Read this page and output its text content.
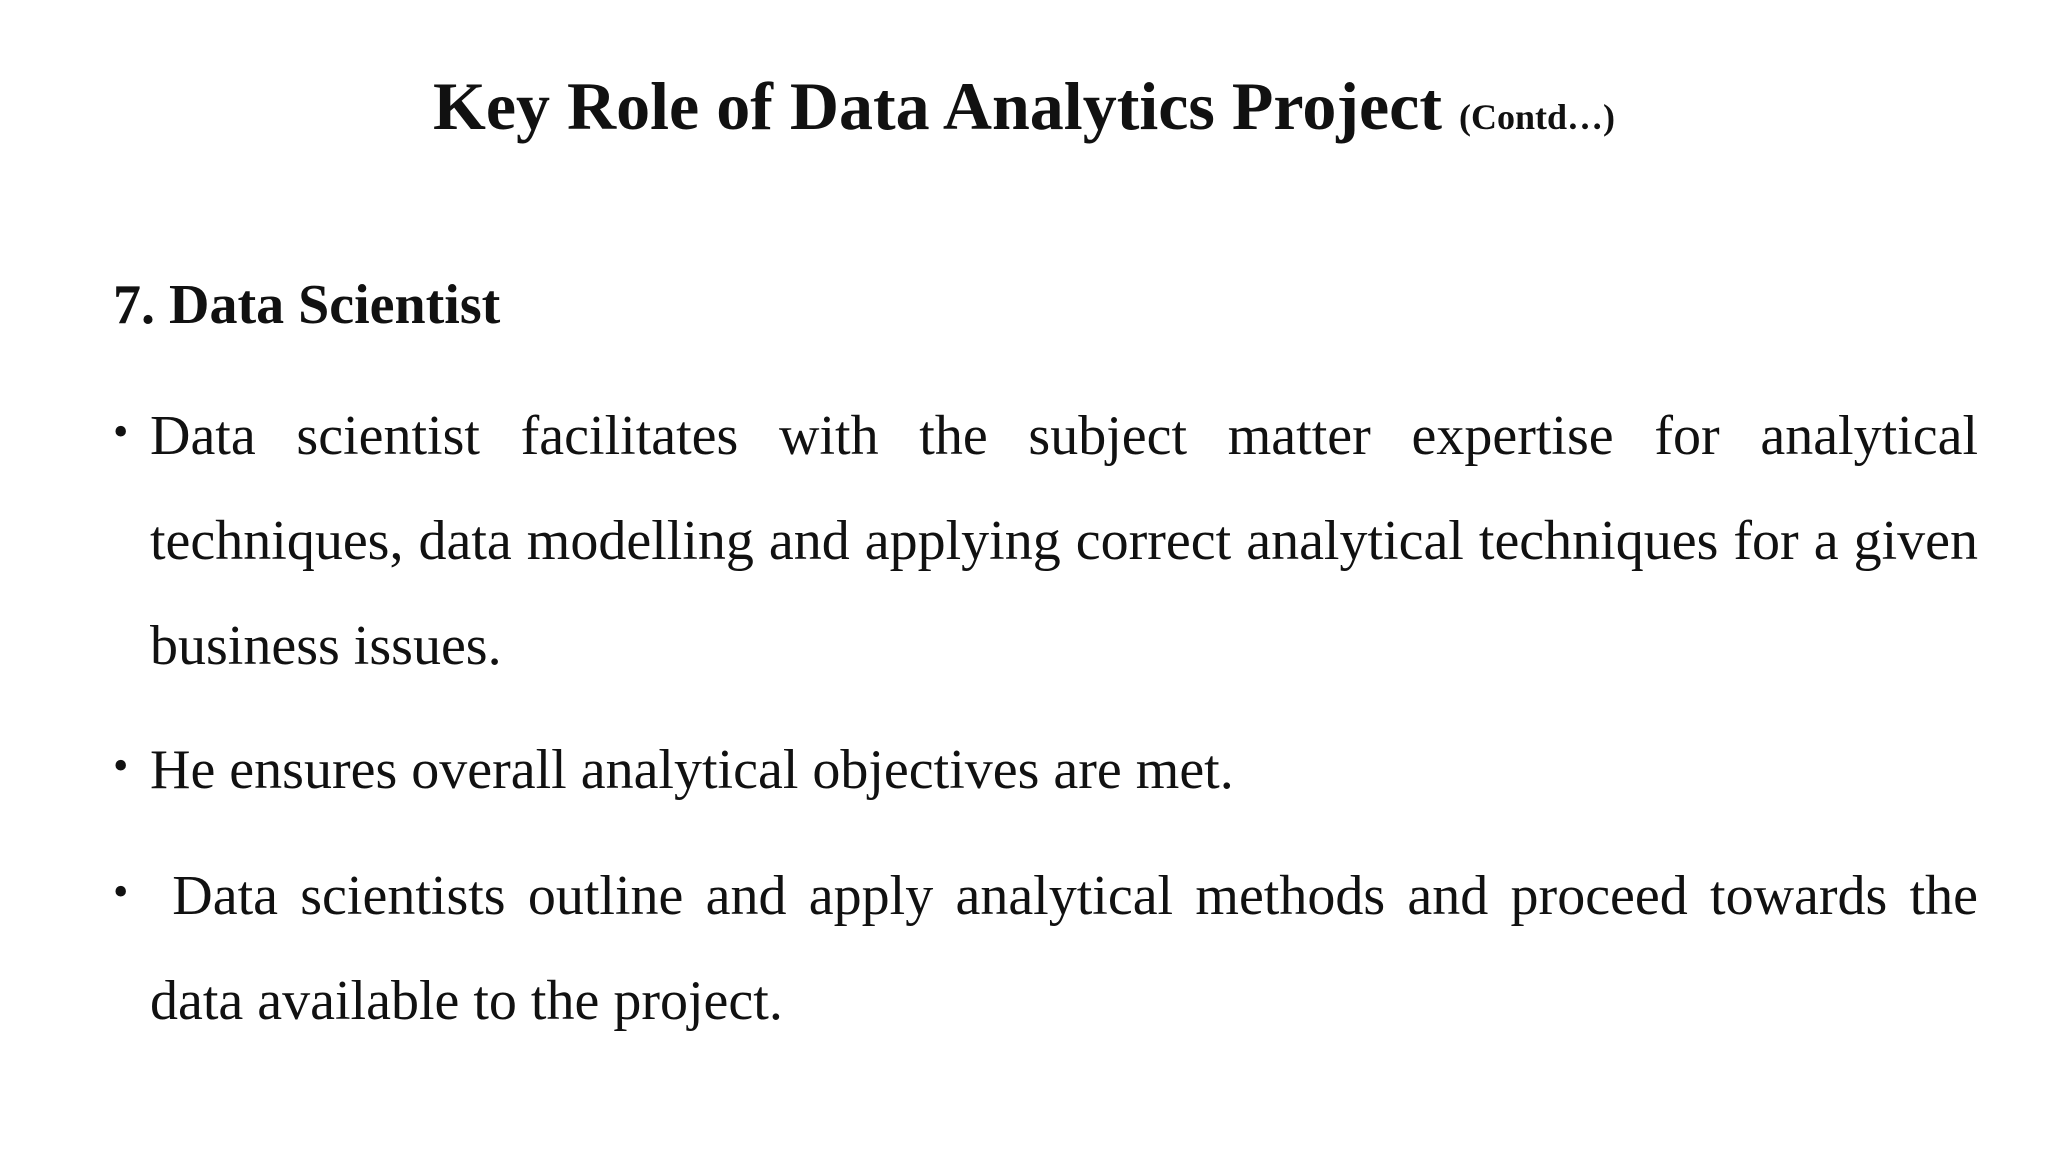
Key Role of Data Analytics Project (Contd…)
7. Data Scientist
• Data scientist facilitates with the subject matter expertise for analytical techniques, data modelling and applying correct analytical techniques for a given business issues.
• He ensures overall analytical objectives are met.
• Data scientists outline and apply analytical methods and proceed towards the data available to the project.
